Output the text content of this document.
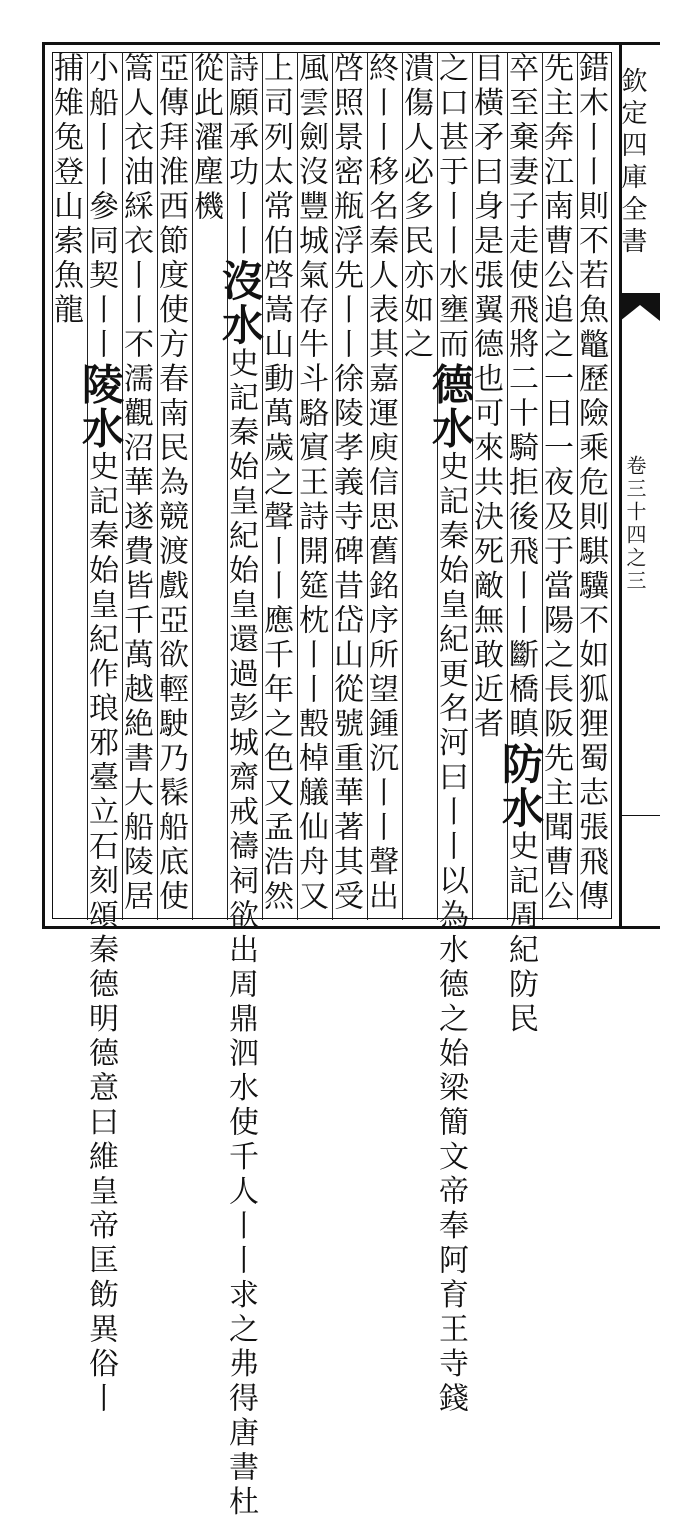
欽定四庫全書
卷三十四之三
錯木丨丨則不若魚鼈歷險乘危則騏驥不如狐狸蜀志張飛傳
先主奔江南曹公追之一日一夜及于當陽之長阪先主聞曹公
卒至棄妻子走使飛將二十騎拒後飛丨丨斷橋瞋防水史記周紀防民
目橫矛曰身是張翼德也可來共決死敵無敢近者
之口甚于丨丨水壅而德水史記秦始皇紀更名河曰丨丨以為水德之始梁簡文帝奉阿育王寺錢
潰傷人必多民亦如之
終丨丨移名秦人表其嘉運庾信思舊銘序所望鍾沉丨丨聲出
啓照景密瓶浮先丨丨徐陵孝義寺碑昔岱山從號重華著其受
風雲劍沒豐城氣存牛斗駱賔王詩開筵枕丨丨毄棹艤仙舟又
上司列太常伯啓嵩山動萬歲之聲丨丨應千年之色又孟浩然
詩願承功丨丨沒水史記秦始皇紀始皇還過彭城齋戒禱祠欲出周鼎泗水使千人丨丨求之弗得唐書杜
從此濯塵機
亞傳拜淮西節度使方春南民為競渡戲亞欲輕駛乃髹船底使
篙人衣油綵衣丨丨不濡觀沼華遂費皆千萬越絶書大船陵居
小船丨丨參同契丨丨陵水史記秦始皇紀作琅邪臺立石刻頌秦德明德意曰維皇帝匡飭異俗丨
捕雉兔登山索魚龍
